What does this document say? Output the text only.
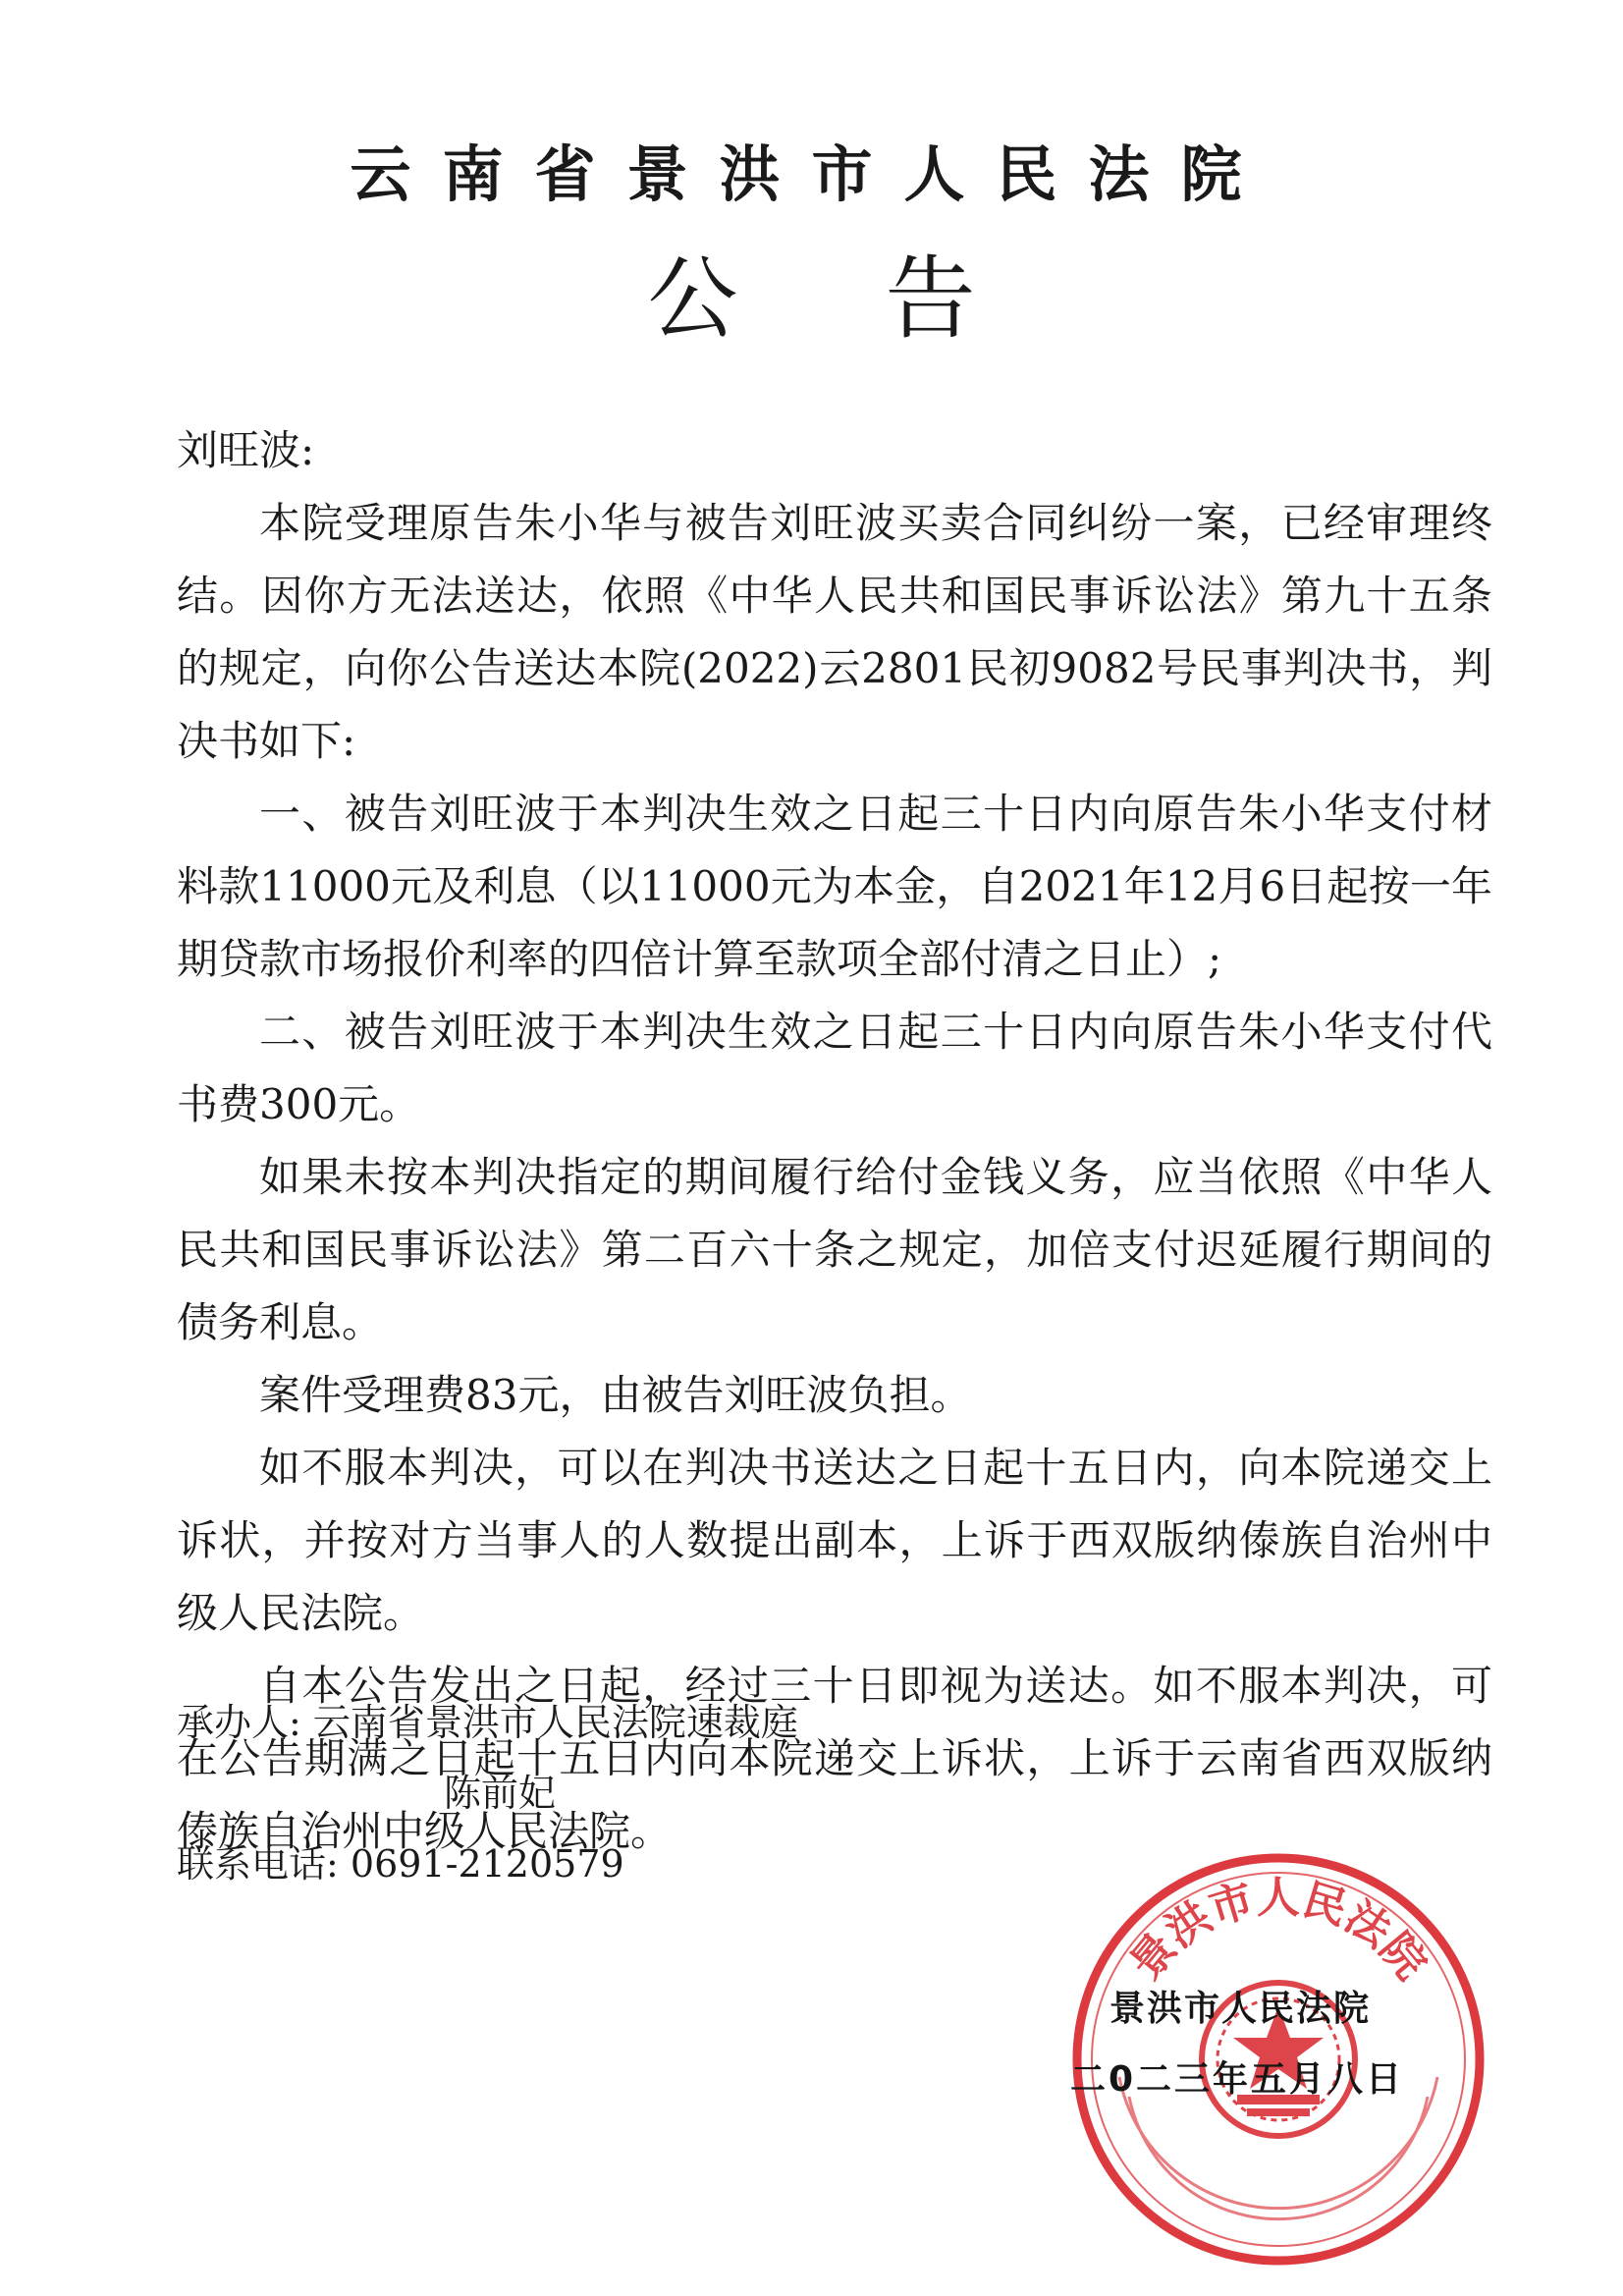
云南省景洪市人民法院
公告

刘旺波:

本院受理原告朱小华与被告刘旺波买卖合同纠纷一案，已经审理终结。因你方无法送达，依照《中华人民共和国民事诉讼法》第九十五条的规定，向你公告送达本院(2022)云2801民初9082号民事判决书，判决书如下:

一、被告刘旺波于本判决生效之日起三十日内向原告朱小华支付材料款11000元及利息（以11000元为本金，自2021年12月6日起按一年期贷款市场报价利率的四倍计算至款项全部付清之日止）;

二、被告刘旺波于本判决生效之日起三十日内向原告朱小华支付代书费300元。

如果未按本判决指定的期间履行给付金钱义务，应当依照《中华人民共和国民事诉讼法》第二百六十条之规定，加倍支付迟延履行期间的债务利息。

案件受理费83元，由被告刘旺波负担。

如不服本判决，可以在判决书送达之日起十五日内，向本院递交上诉状，并按对方当事人的人数提出副本，上诉于西双版纳傣族自治州中级人民法院。

自本公告发出之日起，经过三十日即视为送达。如不服本判决，可在公告期满之日起十五日内向本院递交上诉状，上诉于云南省西双版纳傣族自治州中级人民法院。

承办人: 云南省景洪市人民法院速裁庭
陈前妃
联系电话: 0691-2120579
景洪市人民法院
景洪市人民法院
二0二三年五月八日
